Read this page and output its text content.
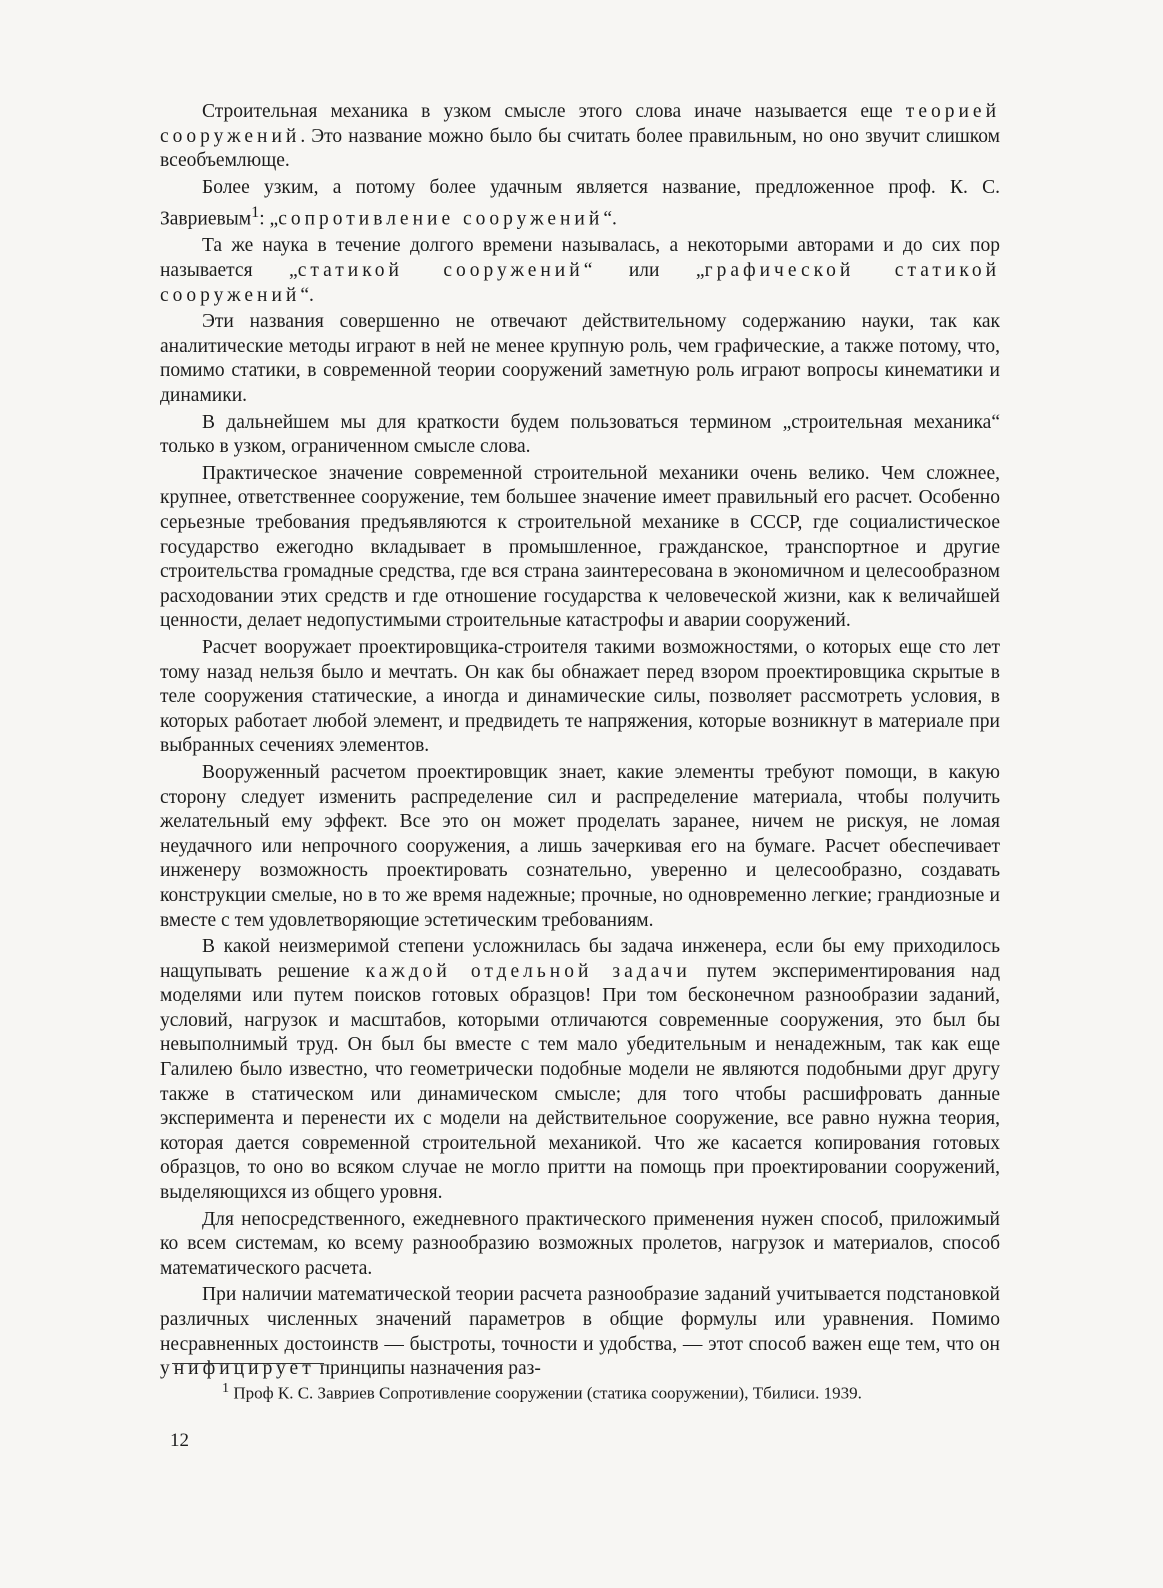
Строительная механика в узком смысле этого слова иначе называется еще теорией сооружений. Это название можно было бы считать более правильным, но оно звучит слишком всеобъемлюще.

Более узким, а потому более удачным является название, предложенное проф. К. С. Завриевым$^1$: „сопротивление сооружений“.

Та же наука в течение долгого времени называлась, а некоторыми авторами и до сих пор называется „статикой сооружений“ или „графической статикой сооружений“.

Эти названия совершенно не отвечают действительному содержанию науки, так как аналитические методы играют в ней не менее крупную роль, чем графические, а также потому, что, помимо статики, в современной теории сооружений заметную роль играют вопросы кинематики и динамики.

В дальнейшем мы для краткости будем пользоваться термином „строительная механика“ только в узком, ограниченном смысле слова.

Практическое значение современной строительной механики очень велико. Чем сложнее, крупнее, ответственнее сооружение, тем большее значение имеет правильный его расчет. Особенно серьезные требования предъявляются к строительной механике в СССР, где социалистическое государство ежегодно вкладывает в промышленное, гражданское, транспортное и другие строительства громадные средства, где вся страна заинтересована в экономичном и целесообразном расходовании этих средств и где отношение государства к человеческой жизни, как к величайшей ценности, делает недопустимыми строительные катастрофы и аварии сооружений.

Расчет вооружает проектировщика-строителя такими возможностями, о которых еще сто лет тому назад нельзя было и мечтать. Он как бы обнажает перед взором проектировщика скрытые в теле сооружения статические, а иногда и динамические силы, позволяет рассмотреть условия, в которых работает любой элемент, и предвидеть те напряжения, которые возникнут в материале при выбранных сечениях элементов.

Вооруженный расчетом проектировщик знает, какие элементы требуют помощи, в какую сторону следует изменить распределение сил и распределение материала, чтобы получить желательный ему эффект. Все это он может проделать заранее, ничем не рискуя, не ломая неудачного или непрочного сооружения, а лишь зачеркивая его на бумаге. Расчет обеспечивает инженеру возможность проектировать сознательно, уверенно и целесообразно, создавать конструкции смелые, но в то же время надежные; прочные, но одновременно легкие; грандиозные и вместе с тем удовлетворяющие эстетическим требованиям.

В какой неизмеримой степени усложнилась бы задача инженера, если бы ему приходилось нащупывать решение каждой отдельной задачи путем экспериментирования над моделями или путем поисков готовых образцов! При том бесконечном разнообразии заданий, условий, нагрузок и масштабов, которыми отличаются современные сооружения, это был бы невыполнимый труд. Он был бы вместе с тем мало убедительным и ненадежным, так как еще Галилею было известно, что геометрически подобные модели не являются подобными друг другу также в статическом или динамическом смысле; для того чтобы расшифровать данные эксперимента и перенести их с модели на действительное сооружение, все равно нужна теория, которая дается современной строительной механикой. Что же касается копирования готовых образцов, то оно во всяком случае не могло притти на помощь при проектировании сооружений, выделяющихся из общего уровня.

Для непосредственного, ежедневного практического применения нужен способ, приложимый ко всем системам, ко всему разнообразию возможных пролетов, нагрузок и материалов, способ математического расчета.

При наличии математической теории расчета разнообразие заданий учитывается подстановкой различных численных значений параметров в общие формулы или уравнения. Помимо несравненных достоинств — быстроты, точности и удобства, — этот способ важен еще тем, что он унифицирует принципы назначения раз-

$^1$ Проф К. С. Завриев Сопротивление сооружении (статика сооружении), Тбилиси. 1939.
12
